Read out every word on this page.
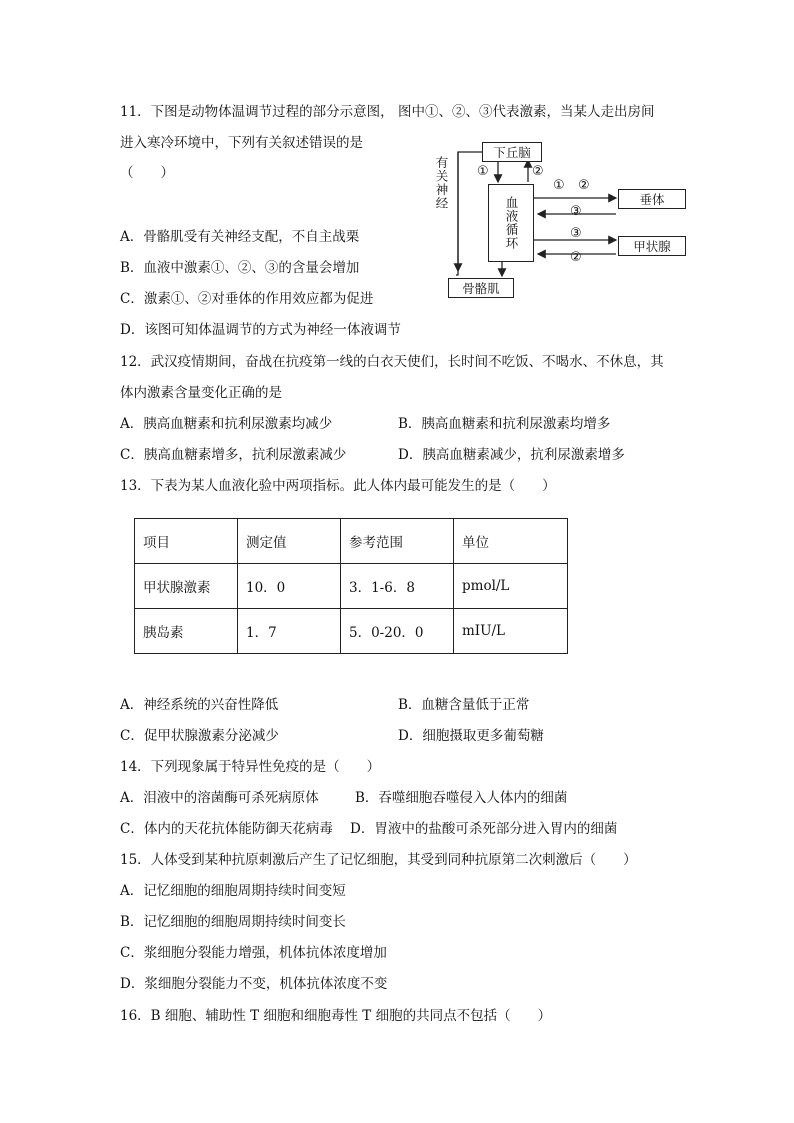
11．下图是动物体温调节过程的部分示意图， 图中①、②、③代表激素，当某人走出房间
进入寒冷环境中，下列有关叙述错误的是
（　　）
下丘脑
有关神经 ①	②
血液循环
① ②
③
③
②
垂体
甲状腺
骨骼肌
A．骨骼肌受有关神经支配，不自主战栗
B．血液中激素①、②、③的含量会增加
C．激素①、②对垂体的作用效应都为促进
D．该图可知体温调节的方式为神经一体液调节
12．武汉疫情期间，奋战在抗疫第一线的白衣天使们，长时间不吃饭、不喝水、不休息，其
体内激素含量变化正确的是
A．胰高血糖素和抗利尿激素均减少	B．胰高血糖素和抗利尿激素均增多
C．胰高血糖素增多，抗利尿激素减少	D．胰高血糖素减少，抗利尿激素增多
13．下表为某人血液化验中两项指标。此人体内最可能发生的是（　　）
项目	测定值	参考范围	单位
甲状腺激素	10．0	3．1-6．8	pmol/L
胰岛素	1．7	5．0-20．0	mIU/L
A．神经系统的兴奋性降低	B．血糖含量低于正常
C．促甲状腺激素分泌减少	D．细胞摄取更多葡萄糖
14．下列现象属于特异性免疫的是（　　）
A．泪液中的溶菌酶可杀死病原体	B．吞噬细胞吞噬侵入人体内的细菌
C．体内的天花抗体能防御天花病毒 D．胃液中的盐酸可杀死部分进入胃内的细菌
15．人体受到某种抗原刺激后产生了记忆细胞，其受到同种抗原第二次刺激后（　　）
A．记忆细胞的细胞周期持续时间变短
B．记忆细胞的细胞周期持续时间变长
C．浆细胞分裂能力增强，机体抗体浓度增加
D．浆细胞分裂能力不变，机体抗体浓度不变
16．B 细胞、辅助性 T 细胞和细胞毒性 T 细胞的共同点不包括（　　）
